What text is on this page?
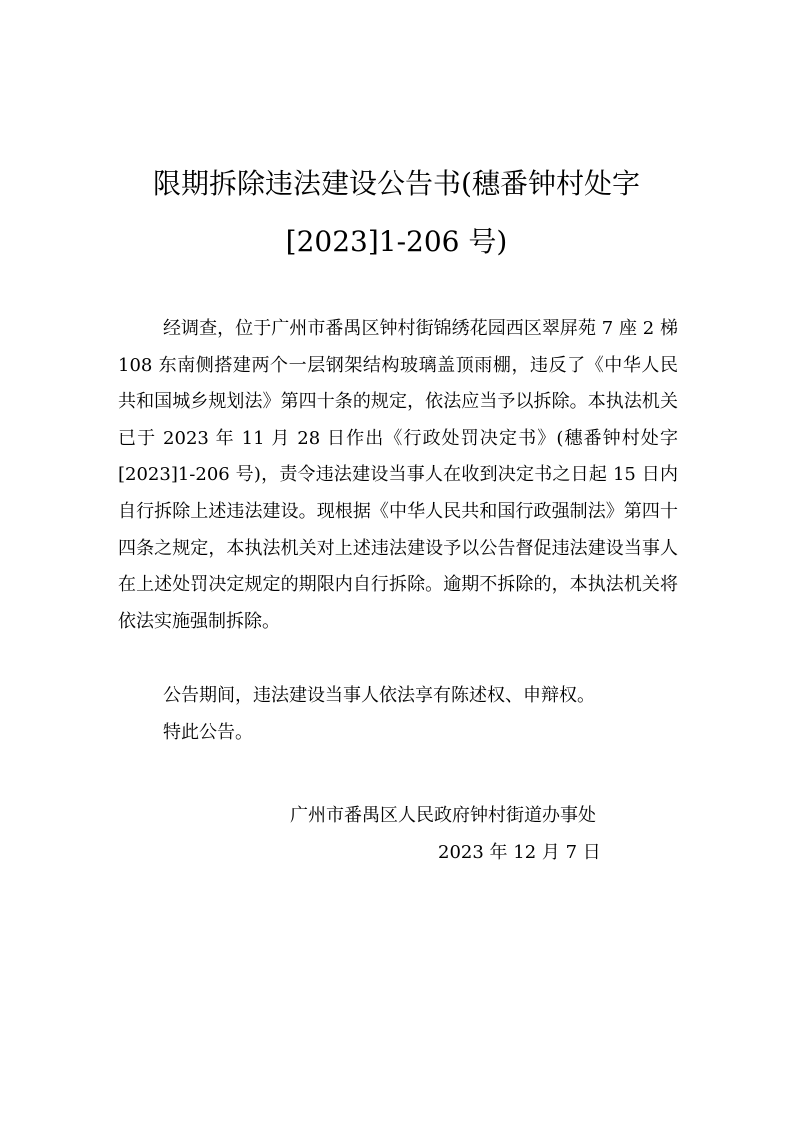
限期拆除违法建设公告书(穗番钟村处字
[2023]1-206 号)

经调查，位于广州市番禺区钟村街锦绣花园西区翠屏苑 7 座 2 梯 108 东南侧搭建两个一层钢架结构玻璃盖顶雨棚，违反了《中华人民共和国城乡规划法》第四十条的规定，依法应当予以拆除。本执法机关已于 2023 年 11 月 28 日作出《行政处罚决定书》(穗番钟村处字[2023]1-206 号)，责令违法建设当事人在收到决定书之日起 15 日内自行拆除上述违法建设。现根据《中华人民共和国行政强制法》第四十四条之规定，本执法机关对上述违法建设予以公告督促违法建设当事人在上述处罚决定规定的期限内自行拆除。逾期不拆除的，本执法机关将依法实施强制拆除。

公告期间，违法建设当事人依法享有陈述权、申辩权。

特此公告。

广州市番禺区人民政府钟村街道办事处

2023 年 12 月 7 日
